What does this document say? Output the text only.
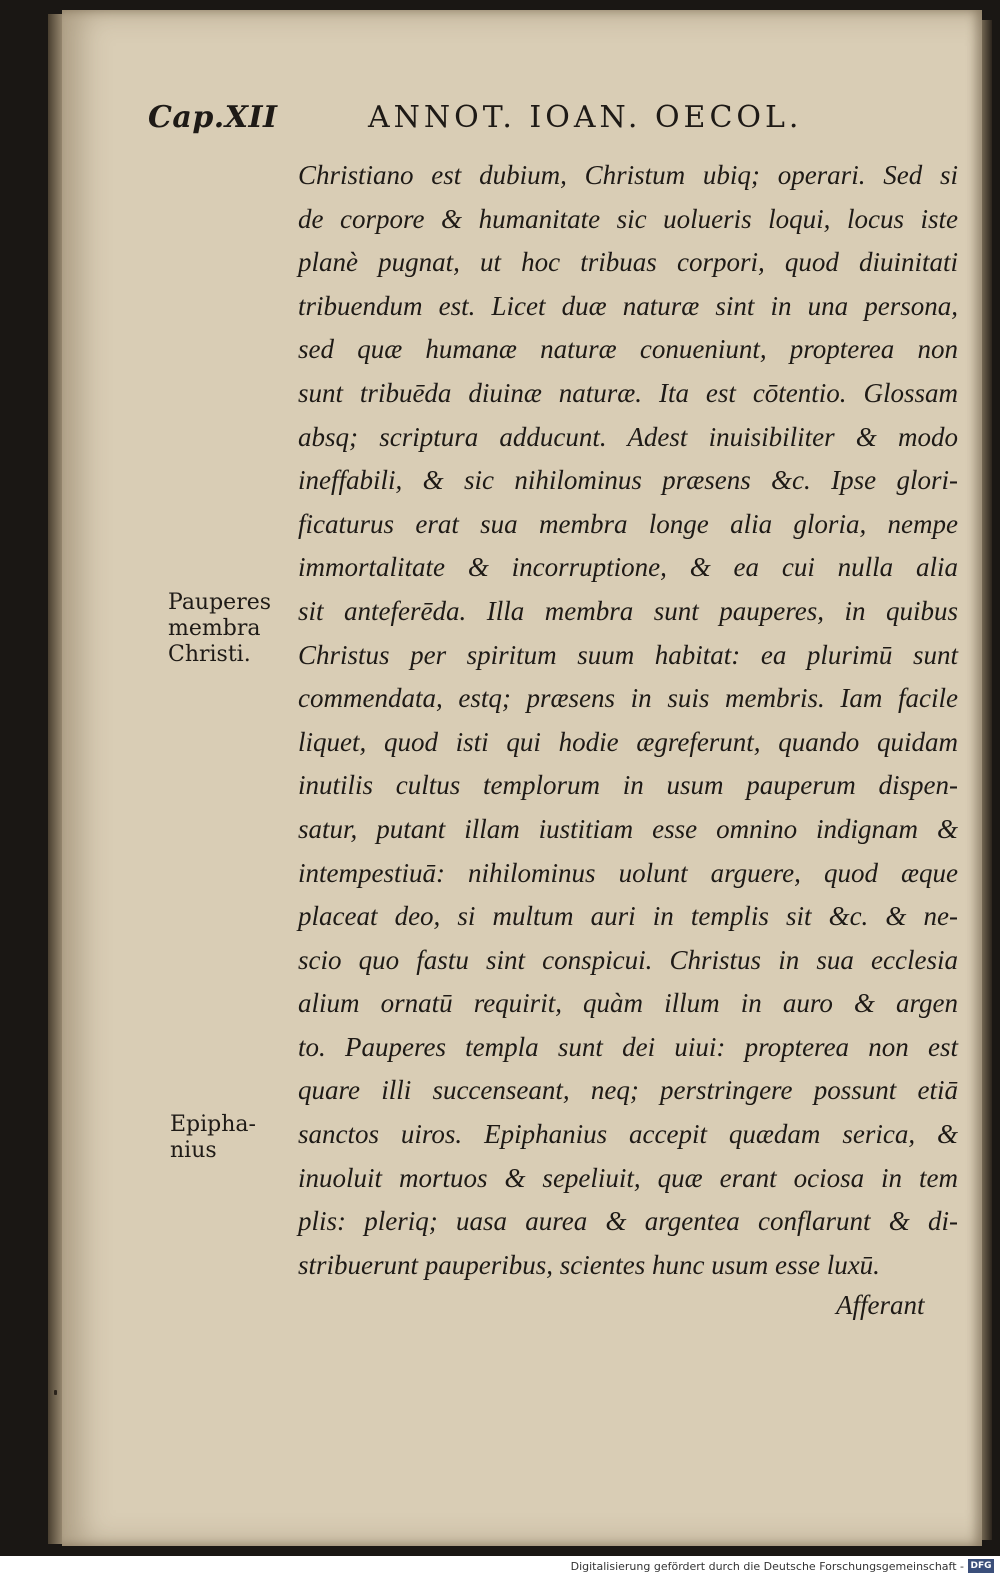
Cap.XII	ANNOT. IOAN. OECOL.
Pauperes
membra
Christi.
Epipha-
nius
Christiano est dubium, Christum ubiq; operari. Sed si
de corpore & humanitate sic uolueris loqui, locus iste
planè pugnat, ut hoc tribuas corpori, quod diuinitati
tribuendum est. Licet duæ naturæ sint in una persona,
sed quæ humanæ naturæ conueniunt, propterea non
sunt tribuēda diuinæ naturæ. Ita est cōtentio. Glossam
absq; scriptura adducunt. Adest inuisibiliter & modo
ineffabili, & sic nihilominus præsens &c. Ipse glori-
ficaturus erat sua membra longe alia gloria, nempe
immortalitate & incorruptione, & ea cui nulla alia
sit anteferēda. Illa membra sunt pauperes, in quibus
Christus per spiritum suum habitat: ea plurimū sunt
commendata, estq; præsens in suis membris. Iam facile
liquet, quod isti qui hodie ægreferunt, quando quidam
inutilis cultus templorum in usum pauperum dispen-
satur, putant illam iustitiam esse omnino indignam &
intempestiuā: nihilominus uolunt arguere, quod æque
placeat deo, si multum auri in templis sit &c. & ne-
scio quo fastu sint conspicui. Christus in sua ecclesia
alium ornatū requirit, quàm illum in auro & argen
to. Pauperes templa sunt dei uiui: propterea non est
quare illi succenseant, neq; perstringere possunt etiā
sanctos uiros. Epiphanius accepit quædam serica, &
inuoluit mortuos & sepeliuit, quæ erant ociosa in tem
plis: pleriq; uasa aurea & argentea conflarunt & di-
stribuerunt pauperibus, scientes hunc usum esse luxū.
Afferant
Digitalisierung gefördert durch die Deutsche Forschungsgemeinschaft - DFG
